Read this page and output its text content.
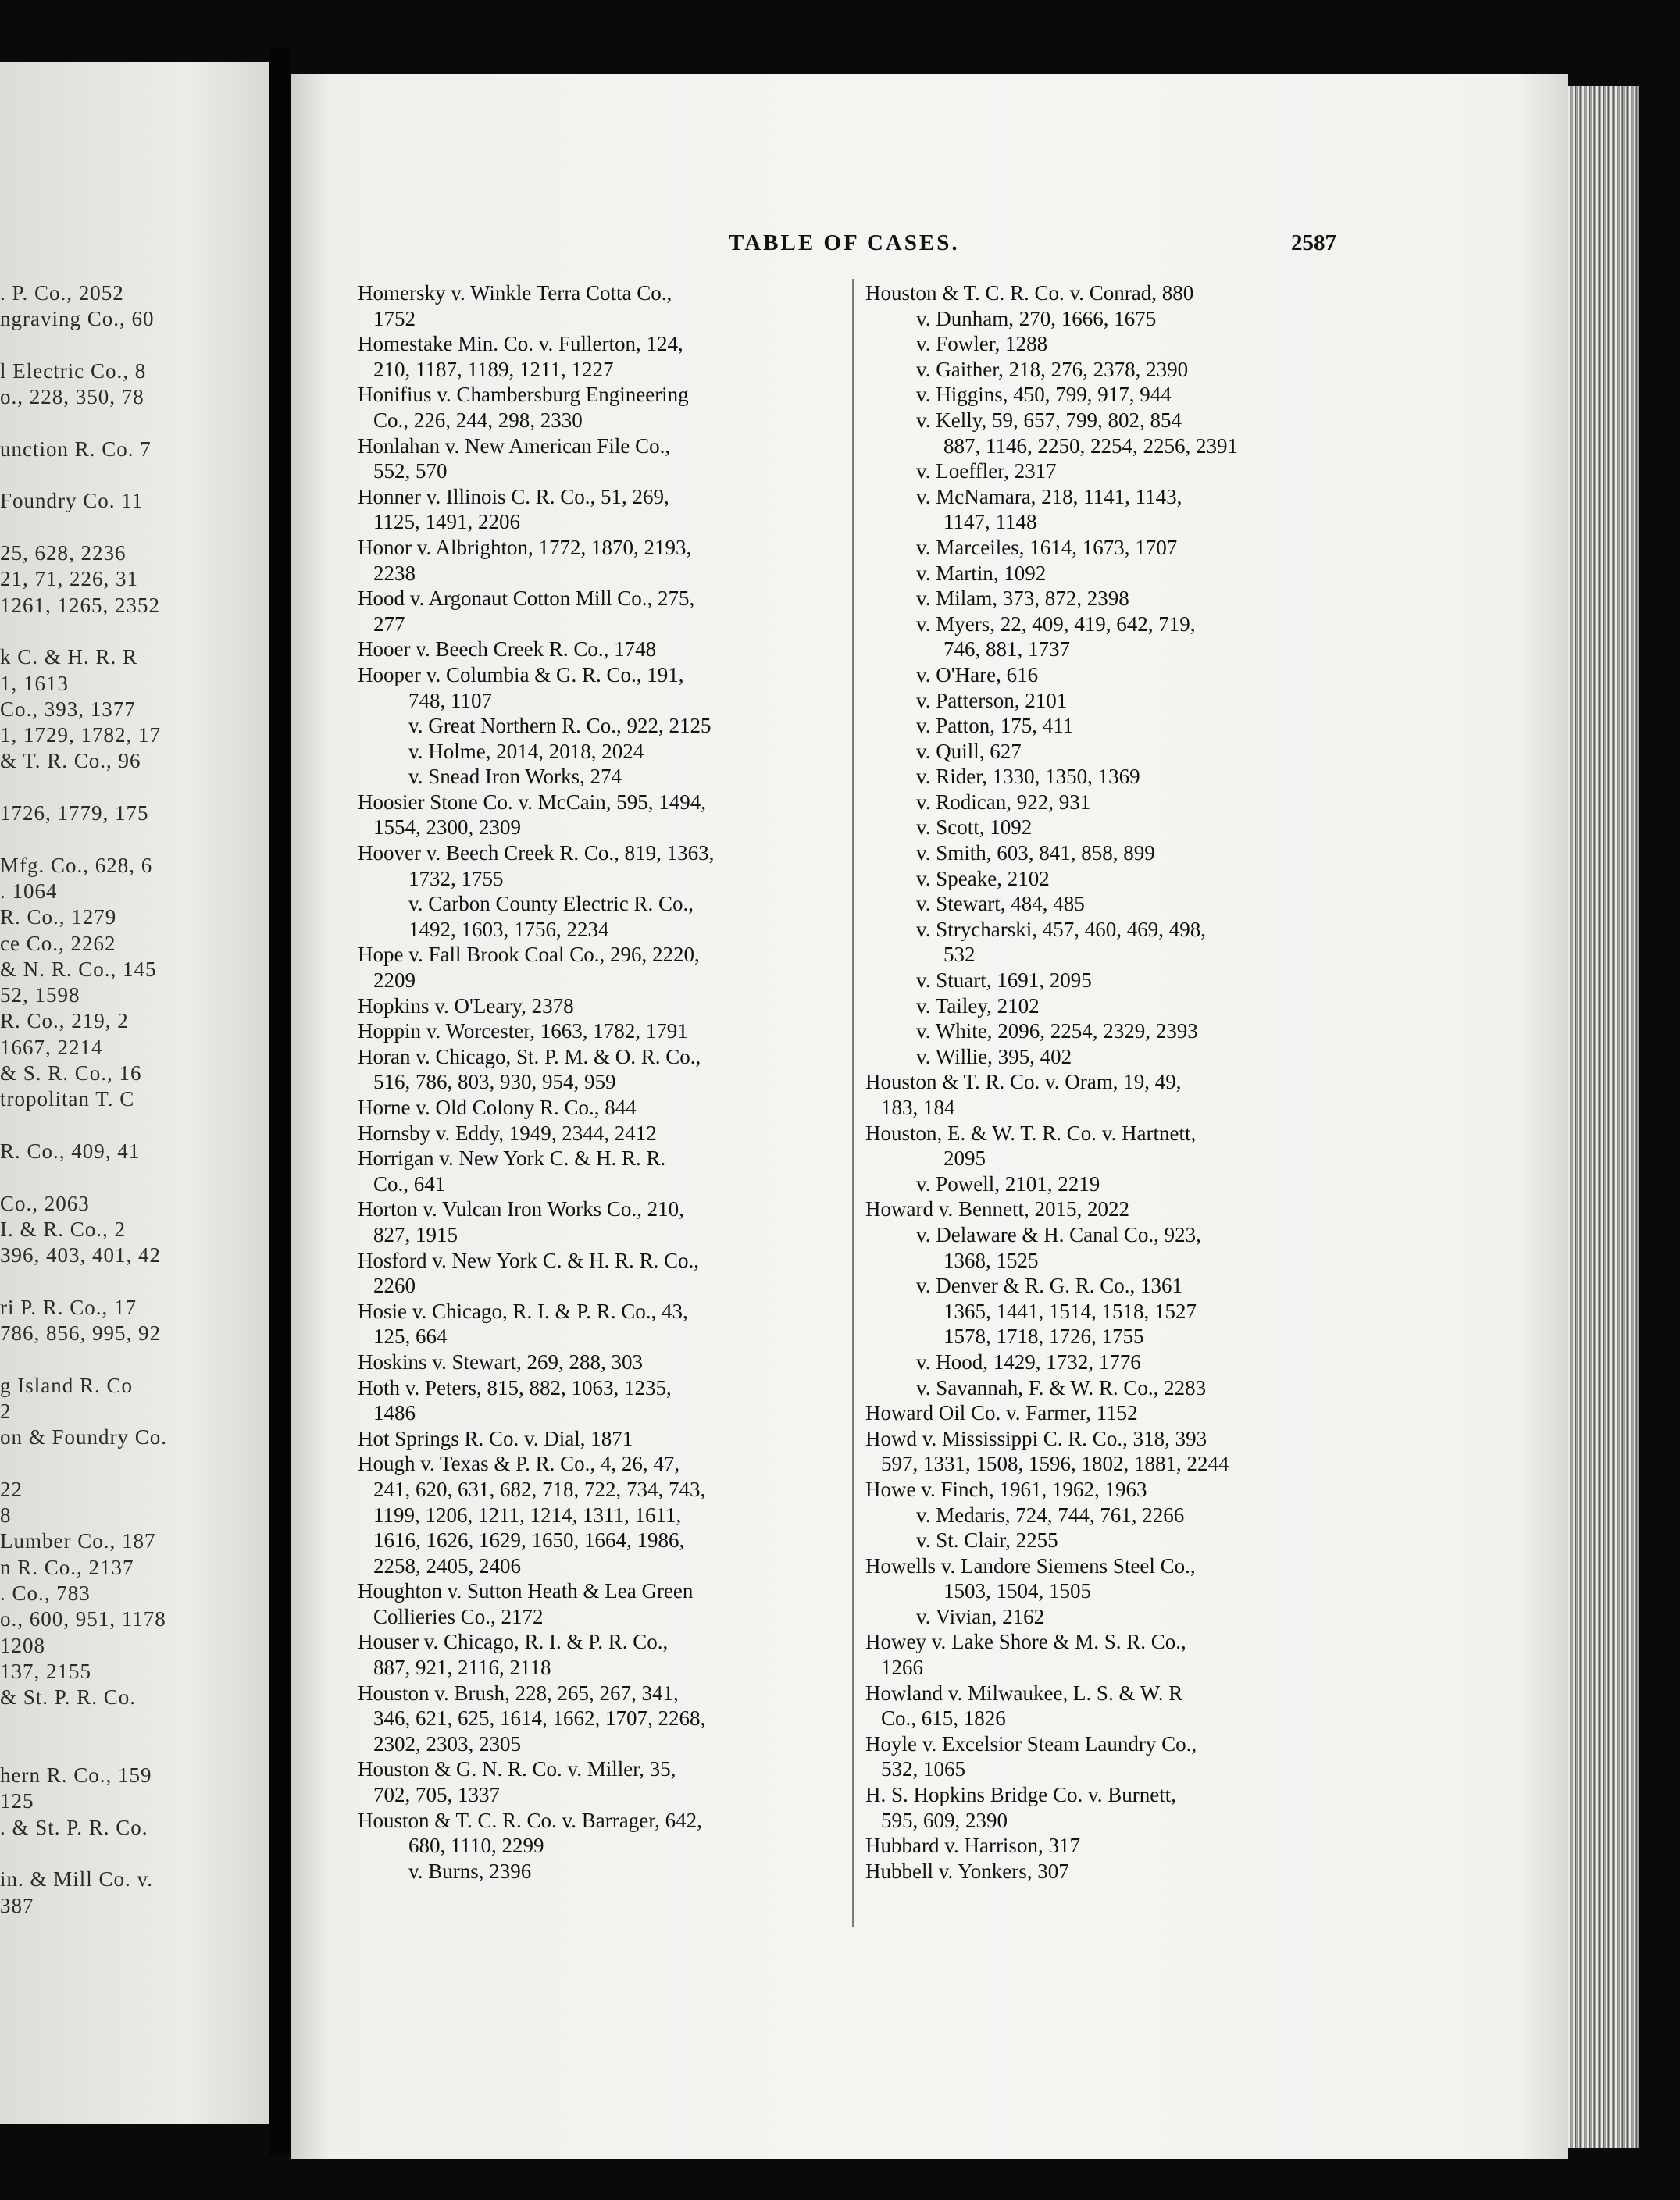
. P. Co., 2052
ngraving Co., 60
l Electric Co., 8
o., 228, 350, 78
unction R. Co. 7
Foundry Co. 11
25, 628, 2236
21, 71, 226, 31
1261, 1265, 2352
k C. & H. R. R
1, 1613
Co., 393, 1377
1, 1729, 1782, 17
& T. R. Co., 96
1726, 1779, 175
Mfg. Co., 628, 6
. 1064
R. Co., 1279
ce Co., 2262
& N. R. Co., 145
52, 1598
R. Co., 219, 2
1667, 2214
& S. R. Co., 16
tropolitan T. C
R. Co., 409, 41
Co., 2063
I. & R. Co., 2
396, 403, 401, 42
ri P. R. Co., 17
786, 856, 995, 92
g Island R. Co
2
on & Foundry Co.
22
8
Lumber Co., 187
n R. Co., 2137
. Co., 783
o., 600, 951, 1178
1208
137, 2155
& St. P. R. Co.
hern R. Co., 159
125
. & St. P. R. Co.
in. & Mill Co. v.
387
TABLE OF CASES.	2587
Homersky v. Winkle Terra Cotta Co.,
1752
Homestake Min. Co. v. Fullerton, 124,
210, 1187, 1189, 1211, 1227
Honifius v. Chambersburg Engineering
Co., 226, 244, 298, 2330
Honlahan v. New American File Co.,
552, 570
Honner v. Illinois C. R. Co., 51, 269,
1125, 1491, 2206
Honor v. Albrighton, 1772, 1870, 2193,
2238
Hood v. Argonaut Cotton Mill Co., 275,
277
Hooer v. Beech Creek R. Co., 1748
Hooper v. Columbia & G. R. Co., 191,
748, 1107
v. Great Northern R. Co., 922, 2125
v. Holme, 2014, 2018, 2024
v. Snead Iron Works, 274
Hoosier Stone Co. v. McCain, 595, 1494,
1554, 2300, 2309
Hoover v. Beech Creek R. Co., 819, 1363,
1732, 1755
v. Carbon County Electric R. Co.,
1492, 1603, 1756, 2234
Hope v. Fall Brook Coal Co., 296, 2220,
2209
Hopkins v. O'Leary, 2378
Hoppin v. Worcester, 1663, 1782, 1791
Horan v. Chicago, St. P. M. & O. R. Co.,
516, 786, 803, 930, 954, 959
Horne v. Old Colony R. Co., 844
Hornsby v. Eddy, 1949, 2344, 2412
Horrigan v. New York C. & H. R. R.
Co., 641
Horton v. Vulcan Iron Works Co., 210,
827, 1915
Hosford v. New York C. & H. R. R. Co.,
2260
Hosie v. Chicago, R. I. & P. R. Co., 43,
125, 664
Hoskins v. Stewart, 269, 288, 303
Hoth v. Peters, 815, 882, 1063, 1235,
1486
Hot Springs R. Co. v. Dial, 1871
Hough v. Texas & P. R. Co., 4, 26, 47,
241, 620, 631, 682, 718, 722, 734, 743,
1199, 1206, 1211, 1214, 1311, 1611,
1616, 1626, 1629, 1650, 1664, 1986,
2258, 2405, 2406
Houghton v. Sutton Heath & Lea Green
Collieries Co., 2172
Houser v. Chicago, R. I. & P. R. Co.,
887, 921, 2116, 2118
Houston v. Brush, 228, 265, 267, 341,
346, 621, 625, 1614, 1662, 1707, 2268,
2302, 2303, 2305
Houston & G. N. R. Co. v. Miller, 35,
702, 705, 1337
Houston & T. C. R. Co. v. Barrager, 642,
680, 1110, 2299
v. Burns, 2396
Houston & T. C. R. Co. v. Conrad, 880
v. Dunham, 270, 1666, 1675
v. Fowler, 1288
v. Gaither, 218, 276, 2378, 2390
v. Higgins, 450, 799, 917, 944
v. Kelly, 59, 657, 799, 802, 854
887, 1146, 2250, 2254, 2256, 2391
v. Loeffler, 2317
v. McNamara, 218, 1141, 1143,
1147, 1148
v. Marceiles, 1614, 1673, 1707
v. Martin, 1092
v. Milam, 373, 872, 2398
v. Myers, 22, 409, 419, 642, 719,
746, 881, 1737
v. O'Hare, 616
v. Patterson, 2101
v. Patton, 175, 411
v. Quill, 627
v. Rider, 1330, 1350, 1369
v. Rodican, 922, 931
v. Scott, 1092
v. Smith, 603, 841, 858, 899
v. Speake, 2102
v. Stewart, 484, 485
v. Strycharski, 457, 460, 469, 498,
532
v. Stuart, 1691, 2095
v. Tailey, 2102
v. White, 2096, 2254, 2329, 2393
v. Willie, 395, 402
Houston & T. R. Co. v. Oram, 19, 49,
183, 184
Houston, E. & W. T. R. Co. v. Hartnett,
2095
v. Powell, 2101, 2219
Howard v. Bennett, 2015, 2022
v. Delaware & H. Canal Co., 923,
1368, 1525
v. Denver & R. G. R. Co., 1361
1365, 1441, 1514, 1518, 1527
1578, 1718, 1726, 1755
v. Hood, 1429, 1732, 1776
v. Savannah, F. & W. R. Co., 2283
Howard Oil Co. v. Farmer, 1152
Howd v. Mississippi C. R. Co., 318, 393
597, 1331, 1508, 1596, 1802, 1881, 2244
Howe v. Finch, 1961, 1962, 1963
v. Medaris, 724, 744, 761, 2266
v. St. Clair, 2255
Howells v. Landore Siemens Steel Co.,
1503, 1504, 1505
v. Vivian, 2162
Howey v. Lake Shore & M. S. R. Co.,
1266
Howland v. Milwaukee, L. S. & W. R
Co., 615, 1826
Hoyle v. Excelsior Steam Laundry Co.,
532, 1065
H. S. Hopkins Bridge Co. v. Burnett,
595, 609, 2390
Hubbard v. Harrison, 317
Hubbell v. Yonkers, 307
